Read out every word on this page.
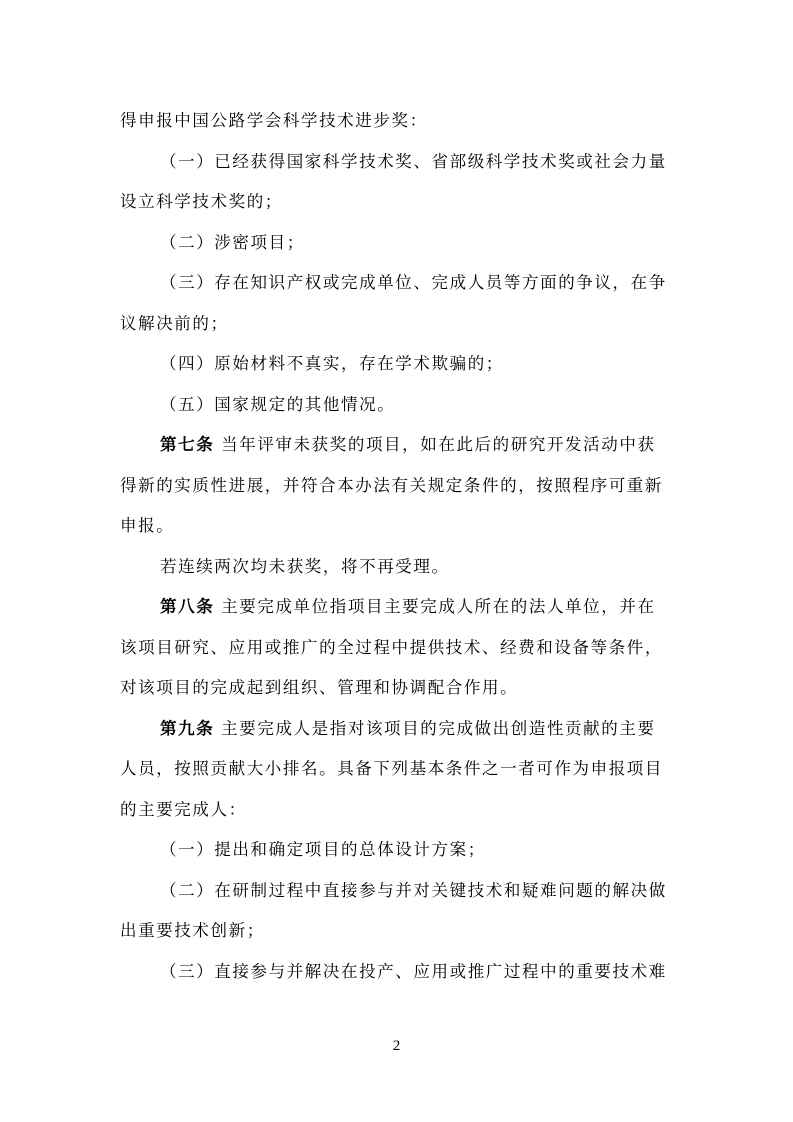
得申报中国公路学会科学技术进步奖：
（一）已经获得国家科学技术奖、省部级科学技术奖或社会力量
设立科学技术奖的；
（二）涉密项目；
（三）存在知识产权或完成单位、完成人员等方面的争议，在争
议解决前的；
（四）原始材料不真实，存在学术欺骗的；
（五）国家规定的其他情况。
第七条 当年评审未获奖的项目，如在此后的研究开发活动中获
得新的实质性进展，并符合本办法有关规定条件的，按照程序可重新
申报。
若连续两次均未获奖，将不再受理。
第八条 主要完成单位指项目主要完成人所在的法人单位，并在
该项目研究、应用或推广的全过程中提供技术、经费和设备等条件，
对该项目的完成起到组织、管理和协调配合作用。
第九条 主要完成人是指对该项目的完成做出创造性贡献的主要
人员，按照贡献大小排名。具备下列基本条件之一者可作为申报项目
的主要完成人：
（一）提出和确定项目的总体设计方案；
（二）在研制过程中直接参与并对关键技术和疑难问题的解决做
出重要技术创新；
（三）直接参与并解决在投产、应用或推广过程中的重要技术难
2
